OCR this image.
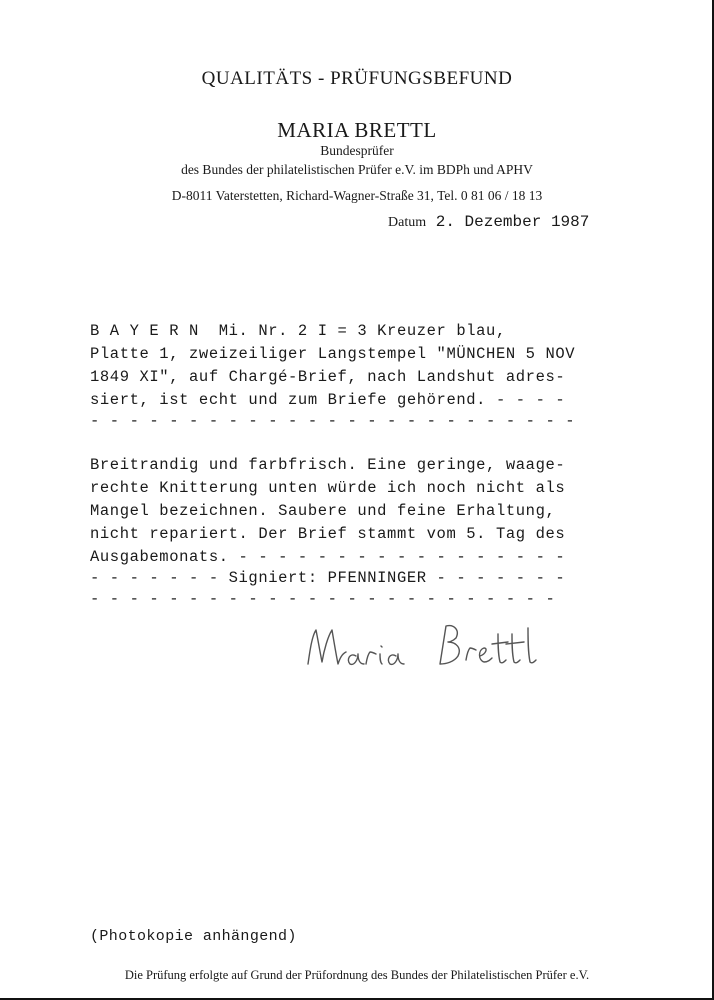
QUALITÄTS - PRÜFUNGSBEFUND
MARIA BRETTL
Bundesprüfer
des Bundes der philatelistischen Prüfer e.V. im BDPh und APHV
D-8011 Vaterstetten, Richard-Wagner-Straße 31, Tel. 0 81 06 / 18 13
Datum 2. Dezember 1987
B A Y E R N  Mi. Nr. 2 I = 3 Kreuzer blau,
Platte 1, zweizeiliger Langstempel "MÜNCHEN 5 NOV
1849 XI", auf Chargé-Brief, nach Landshut adres-
siert, ist echt und zum Briefe gehörend. - - - -
- - - - - - - - - - - - - - - - - - - - - - - - -
Breitrandig und farbfrisch. Eine geringe, waage-
rechte Knitterung unten würde ich noch nicht als
Mangel bezeichnen. Saubere und feine Erhaltung,
nicht repariert. Der Brief stammt vom 5. Tag des
Ausgabemonats. - - - - - - - - - - - - - - - - -
- - - - - - - Signiert: PFENNINGER - - - - - - -
- - - - - - - - - - - - - - - - - - - - - - - -
(Photokopie anhängend)
Die Prüfung erfolgte auf Grund der Prüfordnung des Bundes der Philatelistischen Prüfer e.V.
